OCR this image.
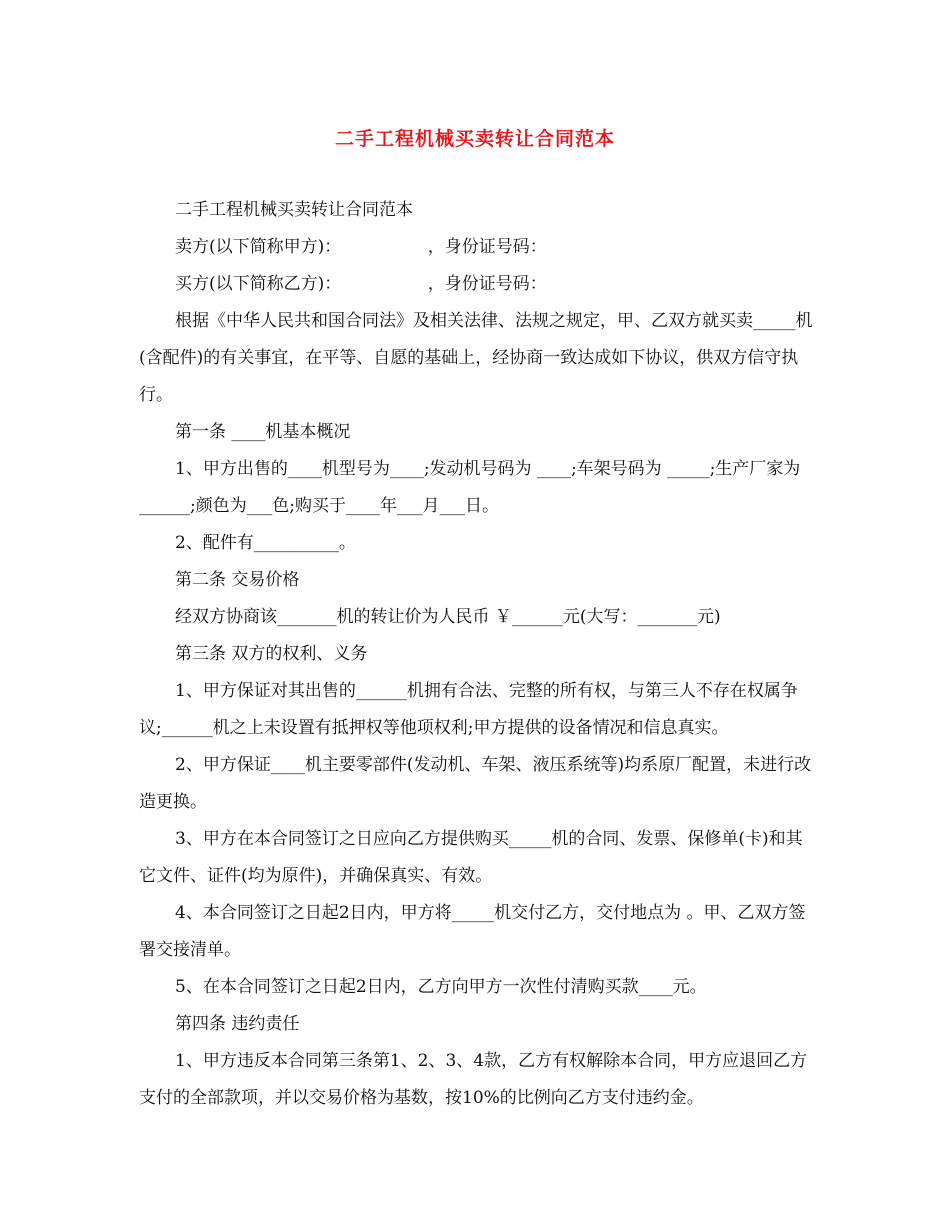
二手工程机械买卖转让合同范本

二手工程机械买卖转让合同范本

卖方(以下简称甲方)：                ，身份证号码：

买方(以下简称乙方)：                ，身份证号码：

根据《中华人民共和国合同法》及相关法律、法规之规定，甲、乙双方就买卖_____机(含配件)的有关事宜，在平等、自愿的基础上，经协商一致达成如下协议，供双方信守执行。

第一条 ____机基本概况

1、甲方出售的____机型号为____;发动机号码为 ____;车架号码为 _____;生产厂家为______;颜色为___色;购买于____年___月___日。

2、配件有__________。

第二条 交易价格

经双方协商该_______机的转让价为人民币 ￥______元(大写：_______元)

第三条 双方的权利、义务

1、甲方保证对其出售的______机拥有合法、完整的所有权，与第三人不存在权属争议;______机之上未设置有抵押权等他项权利;甲方提供的设备情况和信息真实。

2、甲方保证____机主要零部件(发动机、车架、液压系统等)均系原厂配置，未进行改造更换。

3、甲方在本合同签订之日应向乙方提供购买_____机的合同、发票、保修单(卡)和其它文件、证件(均为原件)，并确保真实、有效。

4、本合同签订之日起2日内，甲方将_____机交付乙方，交付地点为 。甲、乙双方签署交接清单。

5、在本合同签订之日起2日内，乙方向甲方一次性付清购买款____元。

第四条 违约责任

1、甲方违反本合同第三条第1、2、3、4款，乙方有权解除本合同，甲方应退回乙方支付的全部款项，并以交易价格为基数，按10%的比例向乙方支付违约金。
